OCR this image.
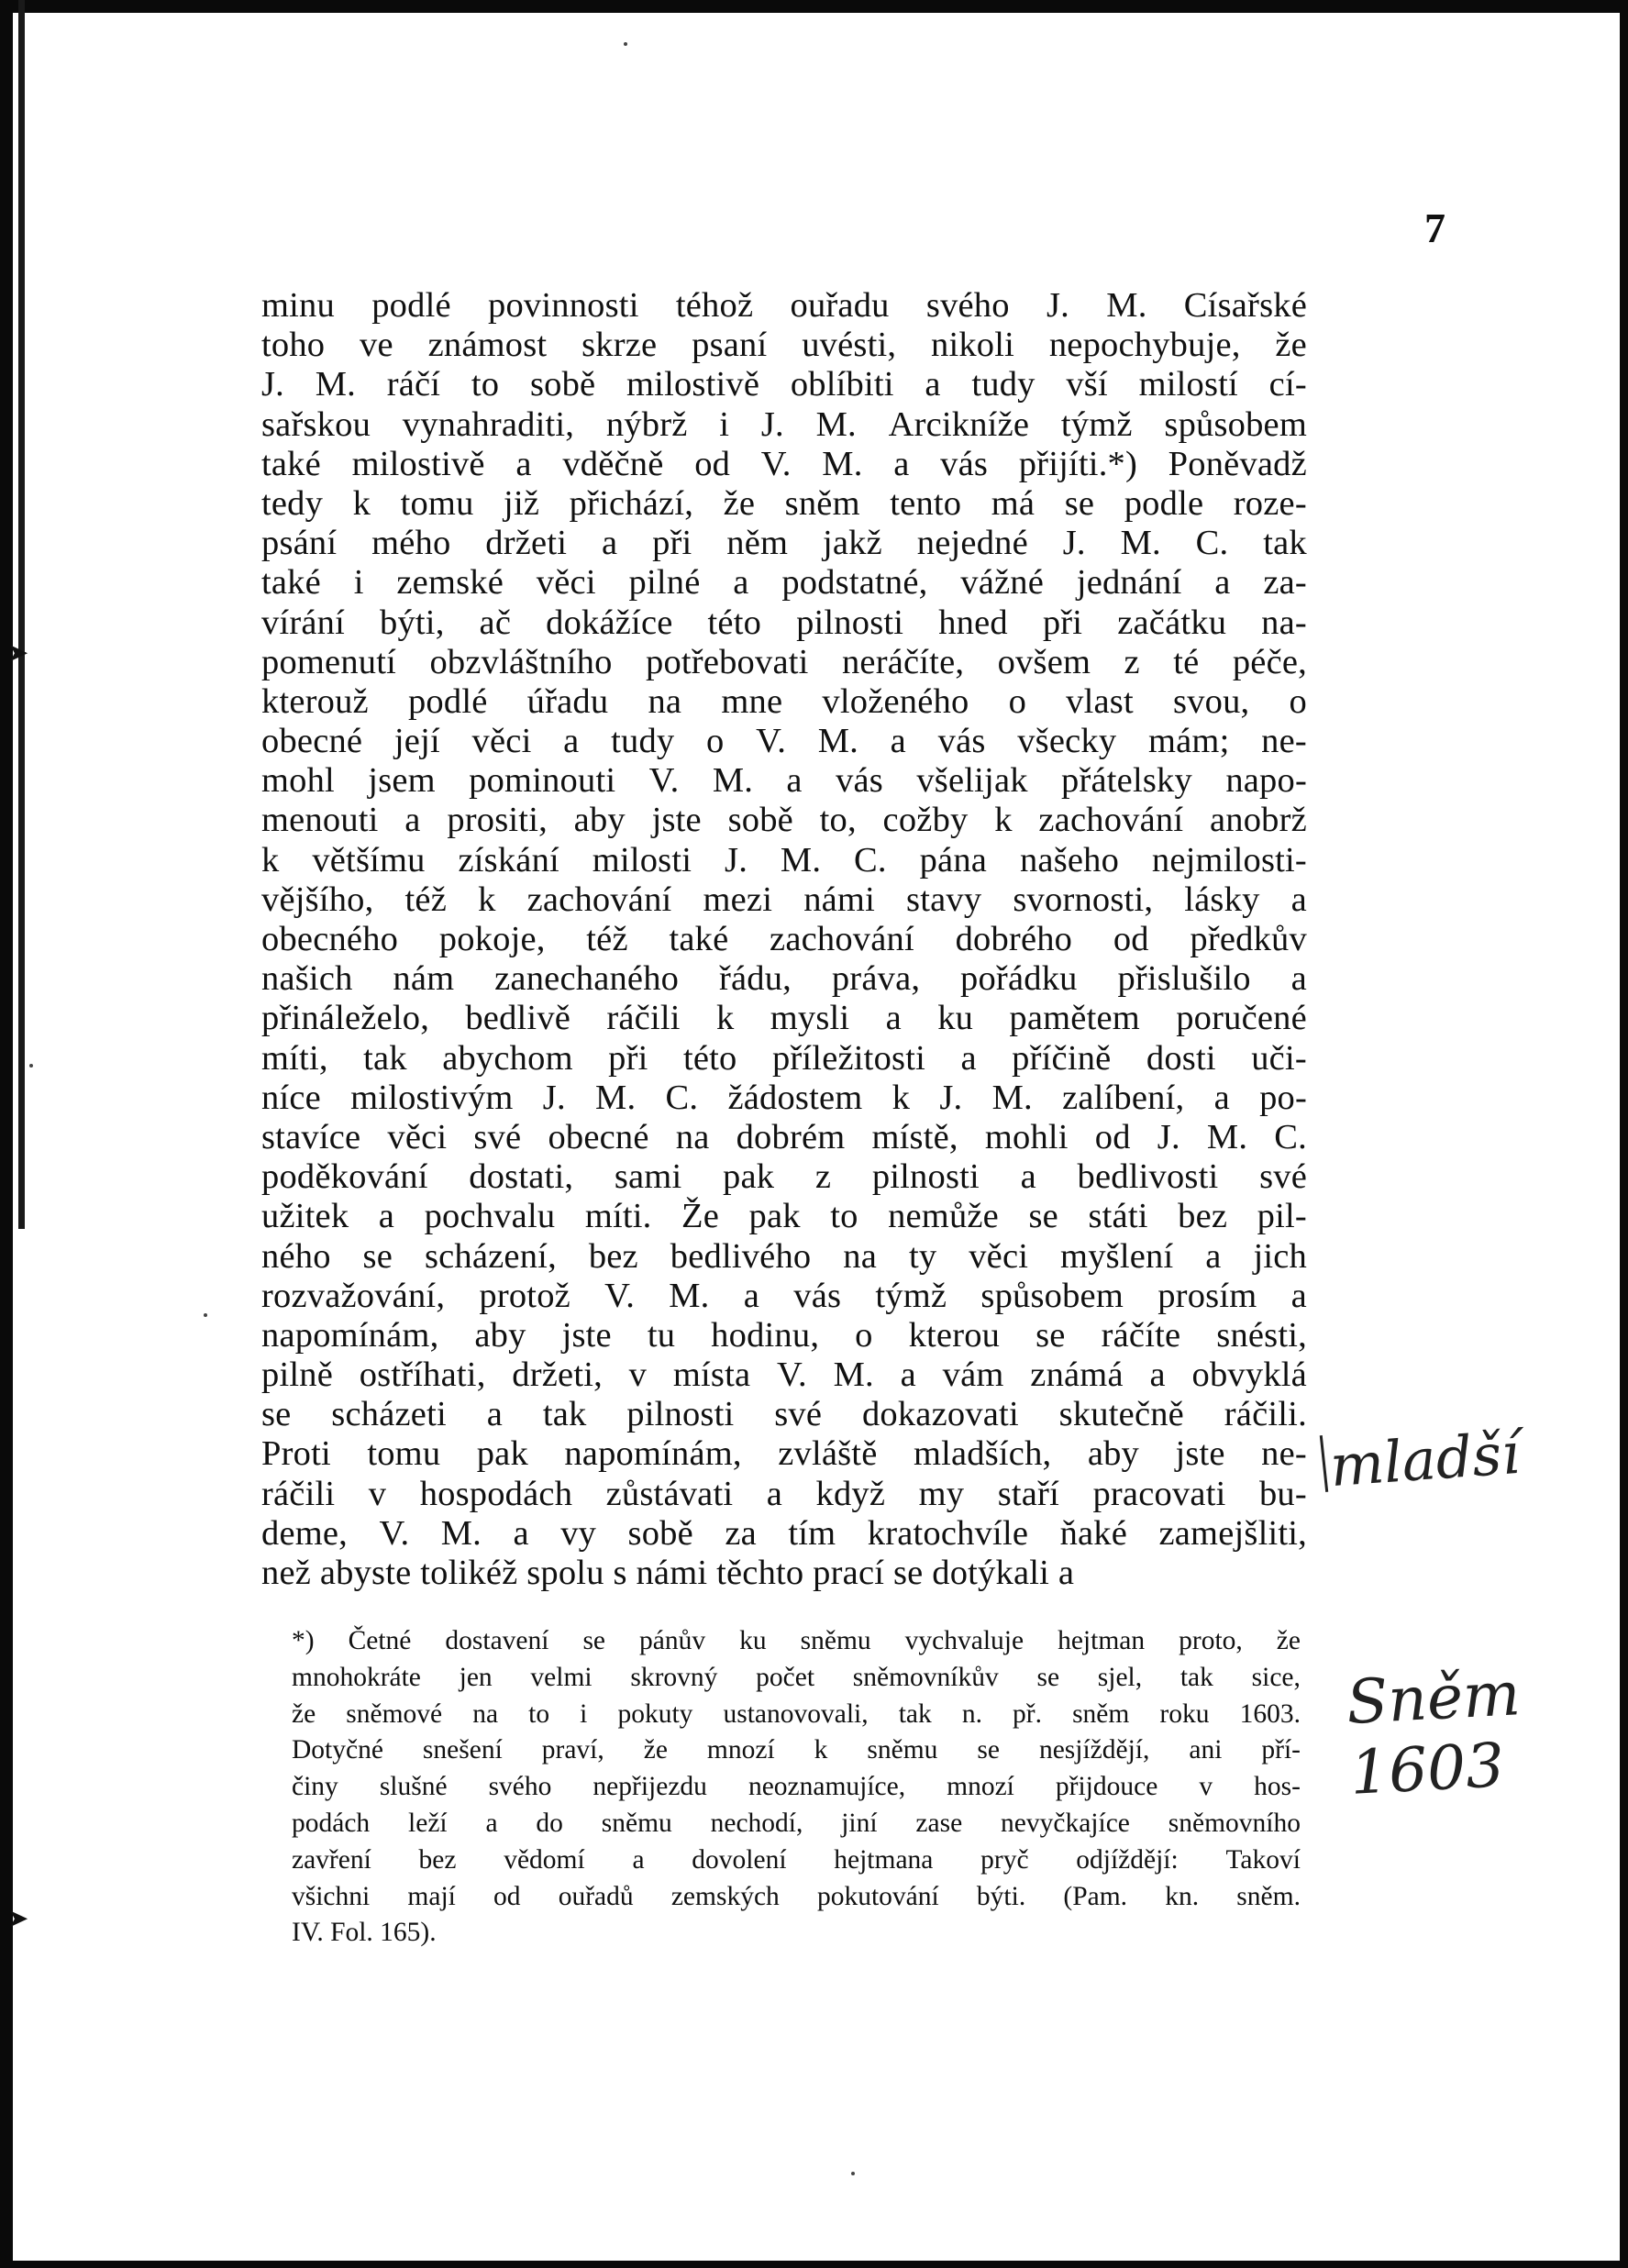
➤
➤
7
minu podlé povinnosti téhož ouřadu svého J. M. Císařské
toho ve známost skrze psaní uvésti, nikoli nepochybuje, že
J. M. ráčí to sobě milostivě oblíbiti a tudy vší milostí cí-
sařskou vynahraditi, nýbrž i J. M. Arcikníže týmž spůsobem
také milostivě a vděčně od V. M. a vás přijíti.*) Poněvadž
tedy k tomu již přichází, že sněm tento má se podle roze-
psání mého držeti a při něm jakž nejedné J. M. C. tak
také i zemské věci pilné a podstatné, vážné jednání a za-
vírání býti, ač dokážíce této pilnosti hned při začátku na-
pomenutí obzvláštního potřebovati neráčíte, ovšem z té péče,
kterouž podlé úřadu na mne vloženého o vlast svou, o
obecné její věci a tudy o V. M. a vás všecky mám; ne-
mohl jsem pominouti V. M. a vás všelijak přátelsky napo-
menouti a prositi, aby jste sobě to, cožby k zachování anobrž
k většímu získání milosti J. M. C. pána našeho nejmilosti-
vějšího, též k zachování mezi námi stavy svornosti, lásky a
obecného pokoje, též také zachování dobrého od předkův
našich nám zanechaného řádu, práva, pořádku přislušilo a
přináleželo, bedlivě ráčili k mysli a ku pamětem poručené
míti, tak abychom při této příležitosti a příčině dosti uči-
níce milostivým J. M. C. žádostem k J. M. zalíbení, a po-
stavíce věci své obecné na dobrém místě, mohli od J. M. C.
poděkování dostati, sami pak z pilnosti a bedlivosti své
užitek a pochvalu míti. Že pak to nemůže se státi bez pil-
ného se scházení, bez bedlivého na ty věci myšlení a jich
rozvažování, protož V. M. a vás týmž spůsobem prosím a
napomínám, aby jste tu hodinu, o kterou se ráčíte snésti,
pilně ostříhati, držeti, v místa V. M. a vám známá a obvyklá
se scházeti a tak pilnosti své dokazovati skutečně ráčili.
Proti tomu pak napomínám, zvláště mladších, aby jste ne-
ráčili v hospodách zůstávati a když my staří pracovati bu-
deme, V. M. a vy sobě za tím kratochvíle ňaké zamejšliti,
než abyste tolikéž spolu s námi těchto prací se dotýkali a
*) Četné dostavení se pánův ku sněmu vychvaluje hejtman proto, že
mnohokráte jen velmi skrovný počet sněmovníkův se sjel, tak sice,
že sněmové na to i pokuty ustanovovali, tak n. př. sněm roku 1603.
Dotyčné snešení praví, že mnozí k sněmu se nesjíždějí, ani pří-
činy slušné svého nepřijezdu neoznamujíce, mnozí přijdouce v hos-
podách leží a do sněmu nechodí, jiní zase nevyčkajíce sněmovního
zavření bez vědomí a dovolení hejtmana pryč odjíždějí: Takoví
všichni mají od ouřadů zemských pokutování býti. (Pam. kn. sněm.
IV. Fol. 165).
mladší
Sněm 1603
